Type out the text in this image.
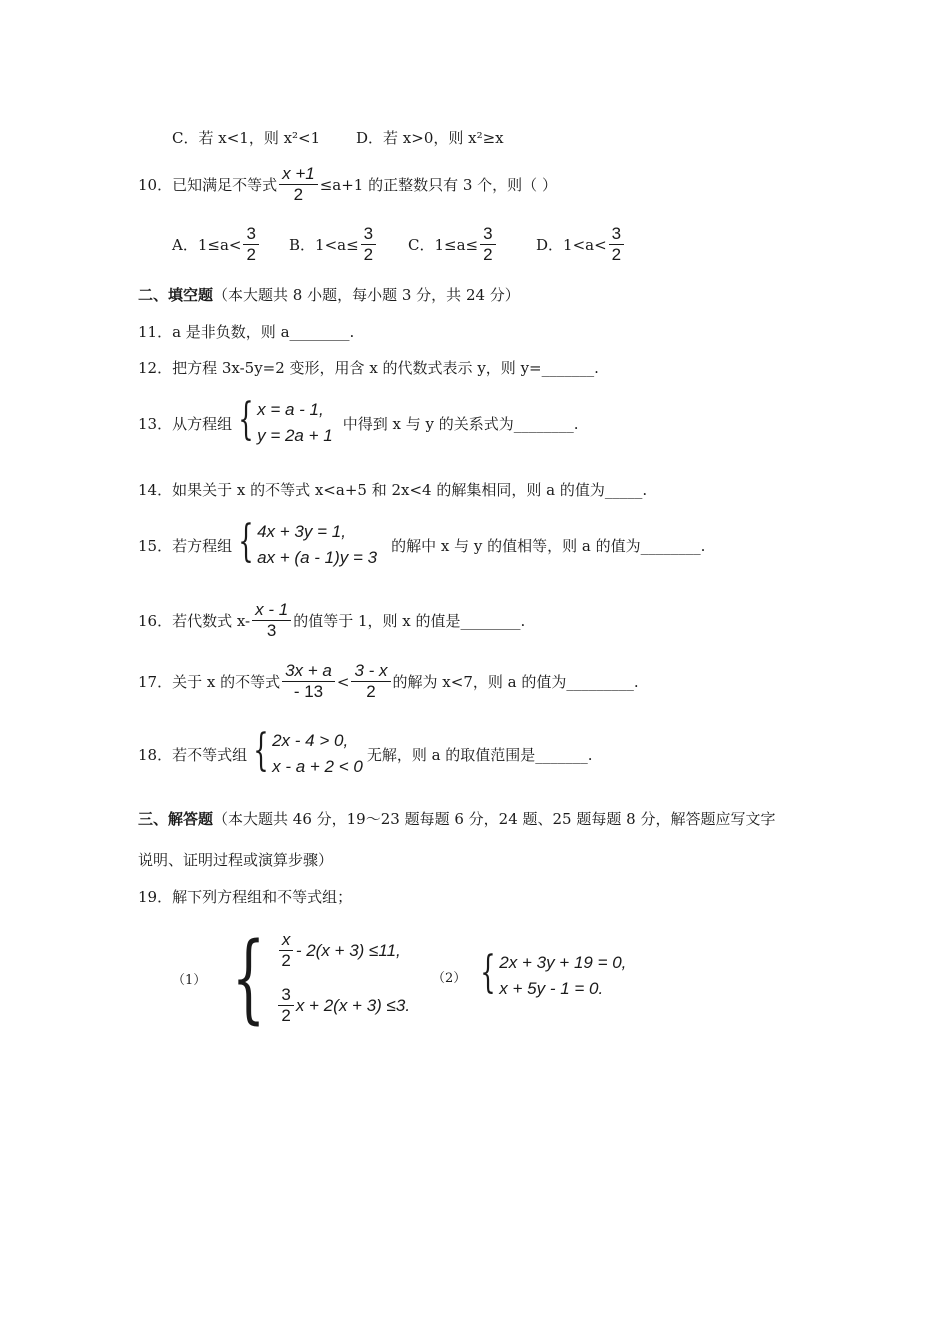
C．若 x<1，则 x²<1 D．若 x>0，则 x²≥x
10．已知满足不等式 $\frac{x +1}{2} \le a+1$ 的正整数只有 3 个，则（ ）
A．$1\le a< \frac{3}{2}$ B．$1<a\le \frac{3}{2}$ C．$1\le a\le \frac{3}{2}$	D．$1<a< \frac{3}{2}$
二、填空题（本大题共 8 小题，每小题 3 分，共 24 分）
11．a 是非负数，则 a________.
12．把方程 3x-5y=2 变形，用含 x 的代数式表示 y，则 y=_______.
13．从方程组 { x = a - 1,
y = 2a + 1
中得到 x 与 y 的关系式为________.
14．如果关于 x 的不等式 x<a+5 和 2x<4 的解集相同，则 a 的值为_____.
15．若方程组 { 4x + 3y = 1,
ax + (a - 1)y = 3
的解中 x 与 y 的值相等，则 a 的值为________.
16．若代数式 $x- \frac{x - 1}{3}$ 的值等于 1，则 x 的值是________.
17．关于 x 的不等式 $\frac{3x + a}{- 13} < \frac{3 - x}{2}$ 的解为 x<7，则 a 的值为_________.
18．若不等式组 { 2x - 4 > 0,
x - a + 2 < 0
无解，则 a 的取值范围是_______.
三、解答题（本大题共 46 分，19～23 题每题 6 分，24 题、25 题每题 8 分，解答题应写文字
说明、证明过程或演算步骤）
19．解下列方程组和不等式组；
（1） { $\frac{x}{2} - 2(x + 3) \le 11$,
$\frac{3}{2}$ x + 2(x + 3) ≤3.
（2） { 2x + 3y + 19 = 0,
x + 5y - 1 = 0.
